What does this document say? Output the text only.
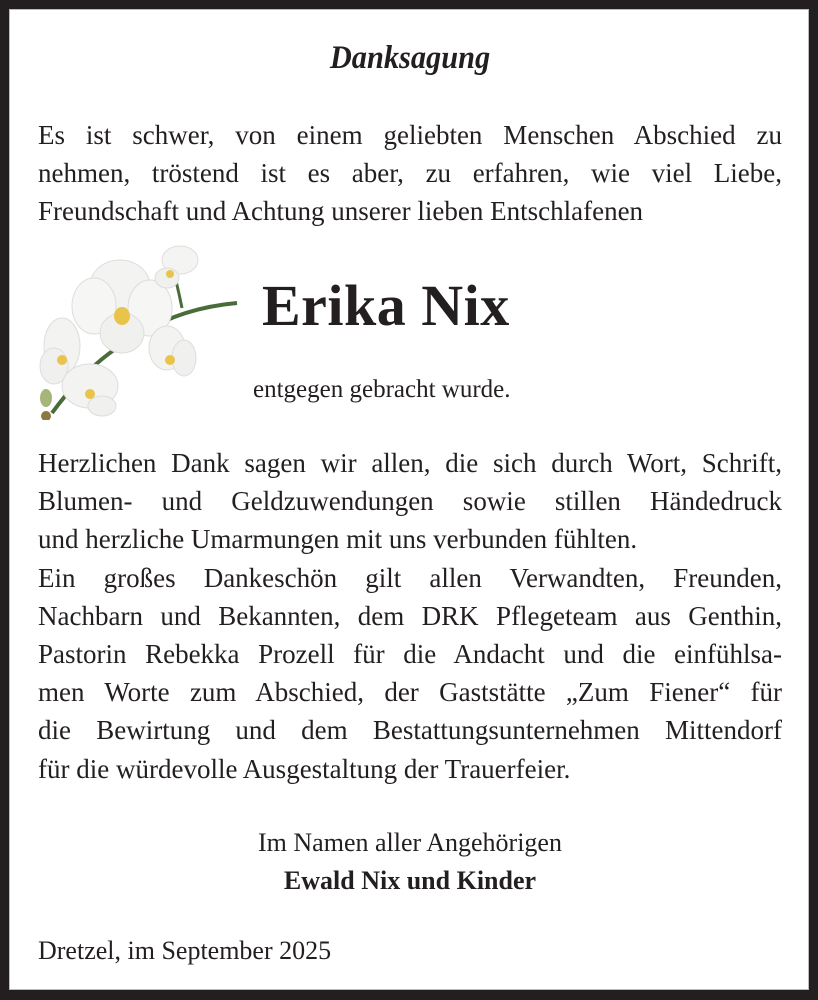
Danksagung
Es ist schwer, von einem geliebten Menschen Abschied zu
nehmen, tröstend ist es aber, zu erfahren, wie viel Liebe,
Freundschaft und Achtung unserer lieben Entschlafenen
Erika Nix
entgegen gebracht wurde.
Herzlichen Dank sagen wir allen, die sich durch Wort, Schrift,
Blumen- und Geldzuwendungen sowie stillen Händedruck
und herzliche Umarmungen mit uns verbunden fühlten.
Ein großes Dankeschön gilt allen Verwandten, Freunden,
Nachbarn und Bekannten, dem DRK Pflegeteam aus Genthin,
Pastorin Rebekka Prozell für die Andacht und die einfühlsa-
men Worte zum Abschied, der Gaststätte „Zum Fiener“ für
die Bewirtung und dem Bestattungsunternehmen Mittendorf
für die würdevolle Ausgestaltung der Trauerfeier.
Im Namen aller Angehörigen
Ewald Nix und Kinder
Dretzel, im September 2025
